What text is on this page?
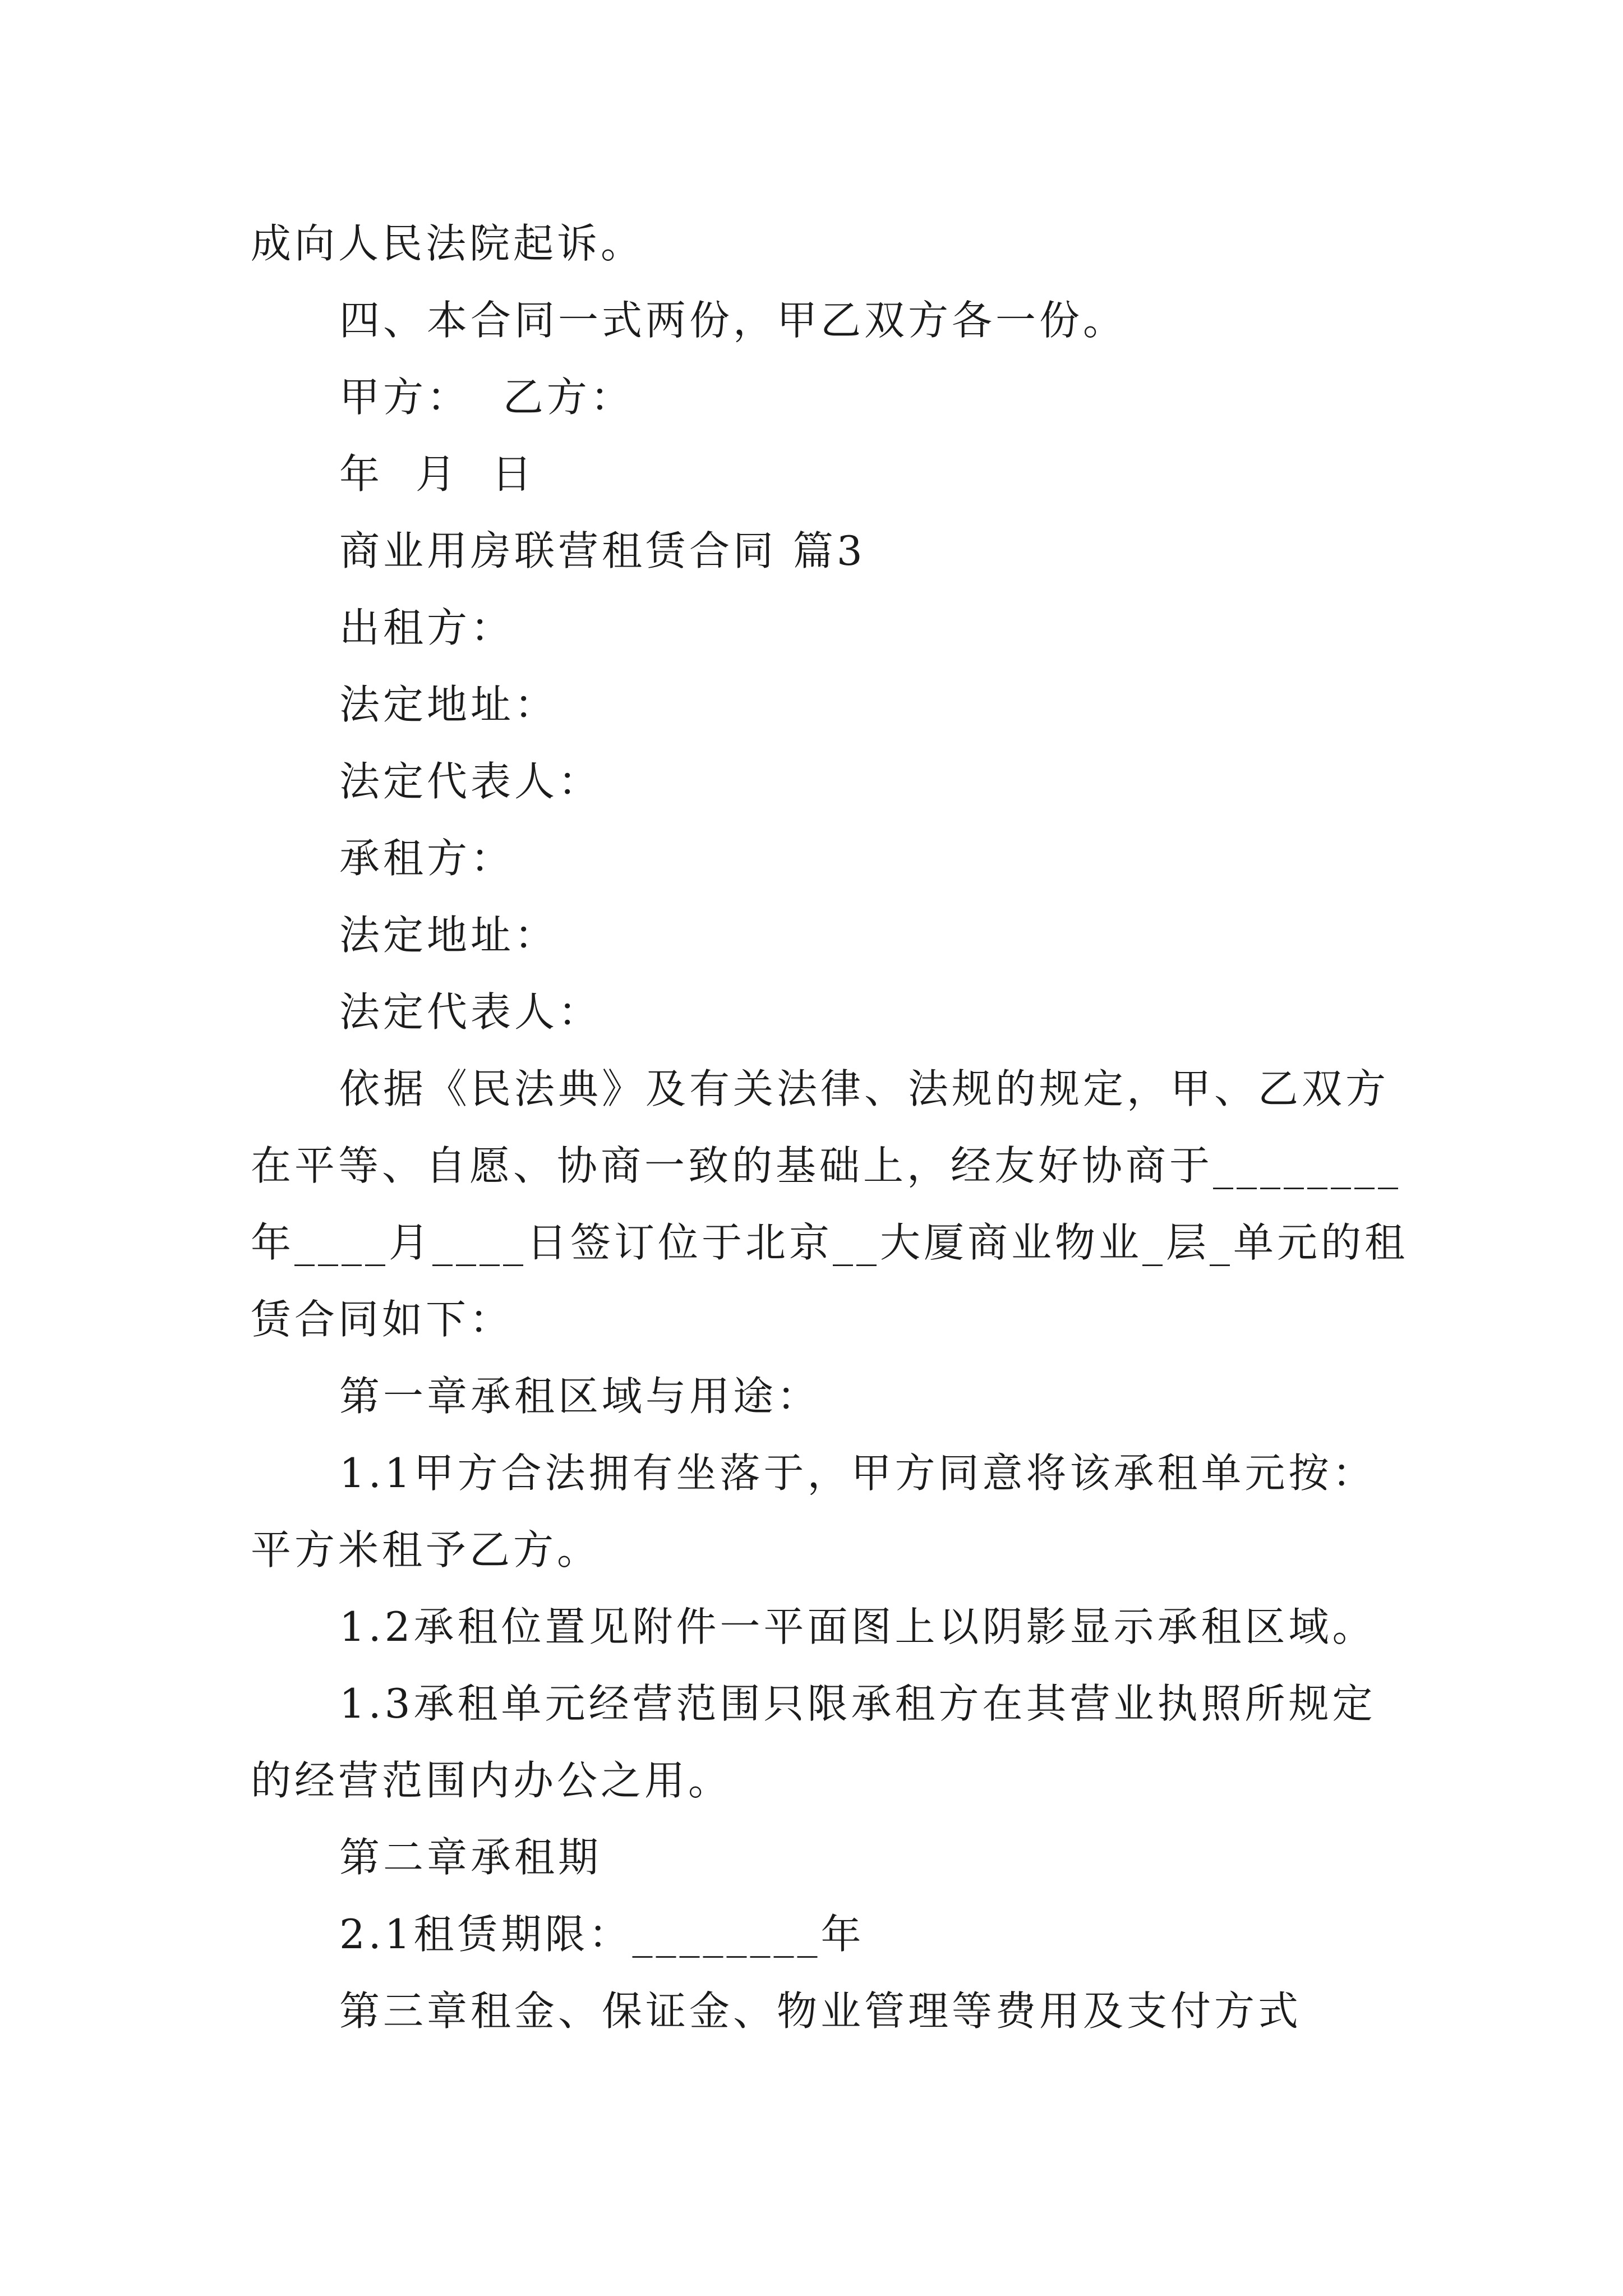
成向人民法院起诉。
四、本合同一式两份，甲乙双方各一份。
甲方：  乙方：
年  月  日
商业用房联营租赁合同 篇3
出租方：
法定地址：
法定代表人：
承租方：
法定地址：
法定代表人：
依据《民法典》及有关法律、法规的规定，甲、乙双方
在平等、自愿、协商一致的基础上，经友好协商于________
年____月____日签订位于北京__大厦商业物业_层_单元的租
赁合同如下：
第一章承租区域与用途：
1.1甲方合法拥有坐落于，甲方同意将该承租单元按：
平方米租予乙方。
1.2承租位置见附件一平面图上以阴影显示承租区域。
1.3承租单元经营范围只限承租方在其营业执照所规定
的经营范围内办公之用。
第二章承租期
2.1租赁期限：________年
第三章租金、保证金、物业管理等费用及支付方式
